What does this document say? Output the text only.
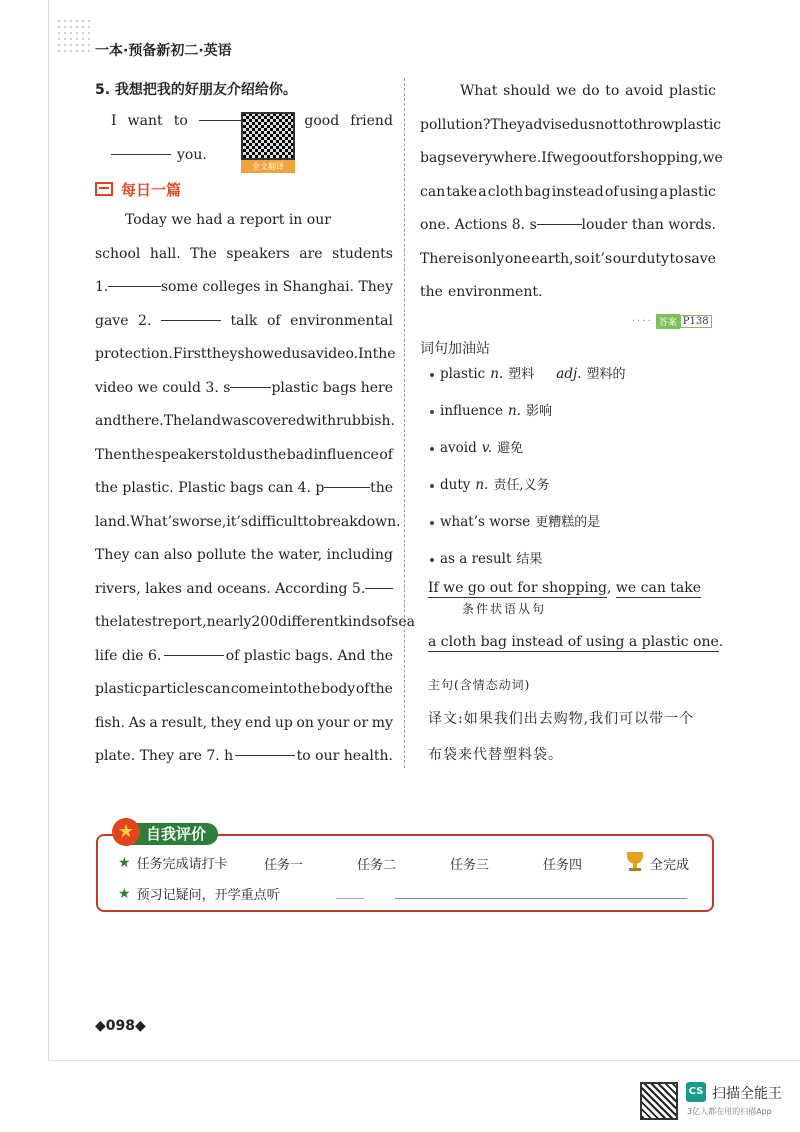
一本·预备新初二·英语
5. 我想把我的好朋友介绍给你。
I want to	good friend
you.
每日一篇
Today we had a report in our
school hall. The speakers are students
1.	some colleges in Shanghai. They
gave 2.	talk of environmental
protection. First they showed us a video. In the
video we could 3. s	plastic bags here
and there. The land was covered with rubbish.
Then the speakers told us the bad influence of
the plastic. Plastic bags can 4. p	the
land. What’s worse, it’s difficult to break down.
They can also pollute the water, including
rivers, lakes and oceans. According 5.
the latest report, nearly 200 different kinds of sea
life die 6.	of plastic bags. And the
plastic particles can come into the body of the
fish. As a result, they end up on your or my
plate. They are 7. h	to our health.
全文翻译
What should we do to avoid plastic
pollution? They advised us not to throw plastic
bags everywhere. If we go out for shopping, we
can take a cloth bag instead of using a plastic
one. Actions 8. s	louder than words.
There is only one earth, so it’s our duty to save
the environment.
···· 答案 P138
词句加油站
plastic n. 塑料 adj. 塑料的
influence n. 影响
avoid v. 避免
duty n. 责任,义务
what’s worse 更糟糕的是
as a result 结果
If we go out for shopping, we can take
条件状语从句
a cloth bag instead of using a plastic one.
主句(含情态动词)
译文:如果我们出去购物,我们可以带一个
布袋来代替塑料袋。
自我评价
★
★ 任务完成请打卡	任务一	任务二	任务三	任务四	全完成
★ 预习记疑问，开学重点听
◆098◆
CS 扫描全能王
3亿人都在用的扫描App
